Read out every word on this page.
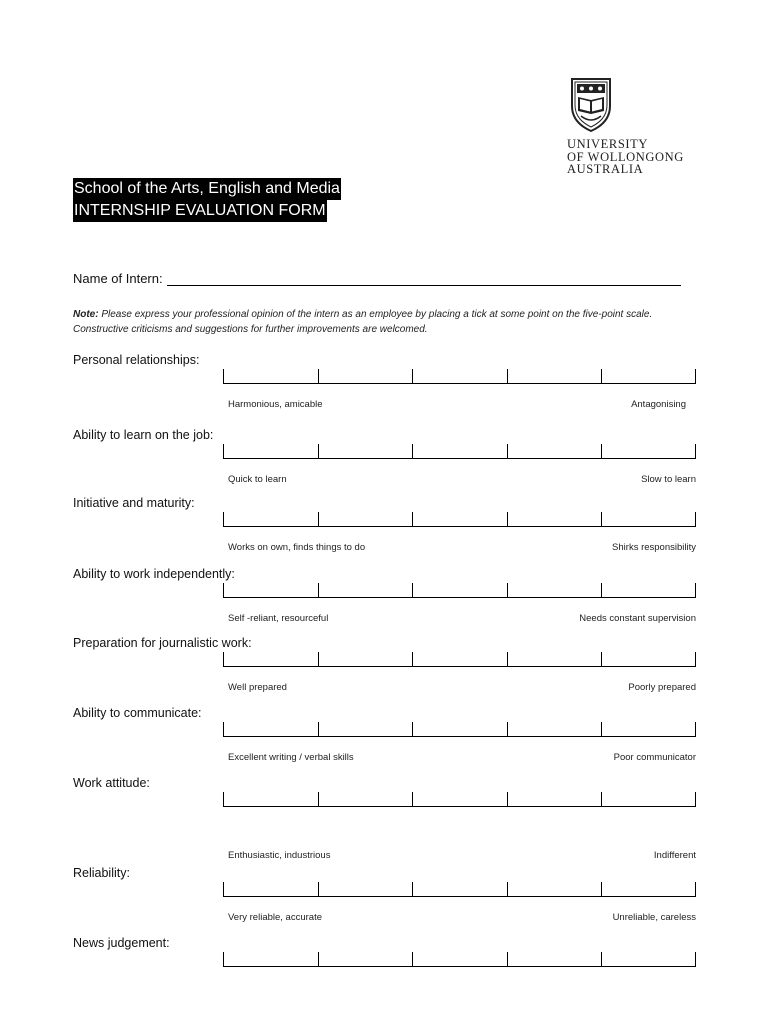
UNIVERSITY
OF WOLLONGONG
AUSTRALIA
School of the Arts, English and Media
INTERNSHIP EVALUATION FORM
Name of Intern:
Note: Please express your professional opinion of the intern as an employee by placing a tick at some point on the five-point scale. Constructive criticisms and suggestions for further improvements are welcomed.
Personal relationships:
Harmonious, amicable	Antagonising
Ability to learn on the job:
Quick to learn	Slow to learn
Initiative and maturity:
Works on own, finds things to do	Shirks responsibility
Ability to work independently:
Self -reliant, resourceful	Needs constant supervision
Preparation for journalistic work:
Well prepared	Poorly prepared
Ability to communicate:
Excellent writing / verbal skills	Poor communicator
Work attitude:
Enthusiastic, industrious	Indifferent
Reliability:
Very reliable, accurate	Unreliable, careless
News judgement:
